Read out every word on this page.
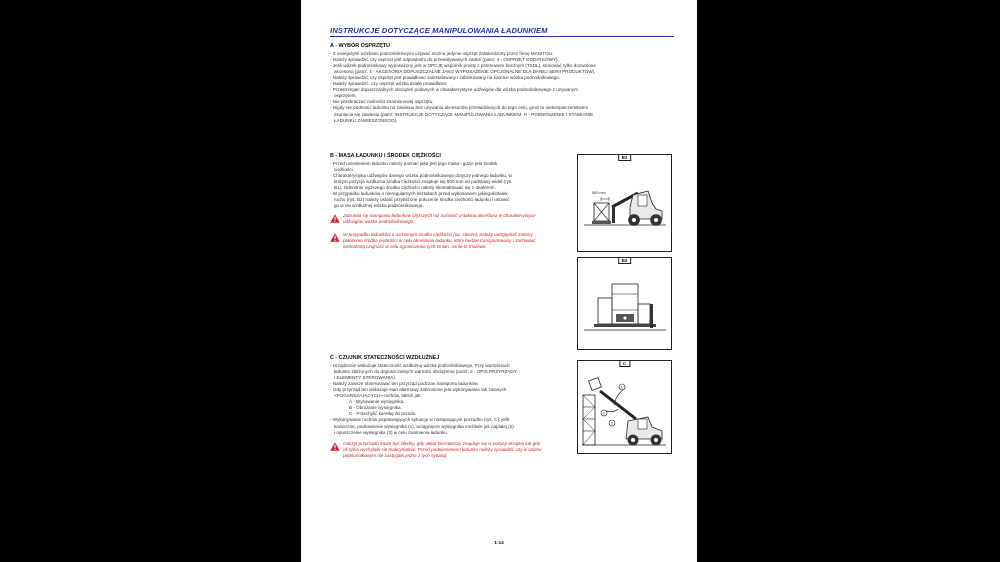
INSTRUKCJE DOTYCZĄCE MANIPULOWANIA ŁADUNKIEM
A - WYBÓR OSPRZĘTU
- Z niniejszymi wózkami podnośnikowymi używać można jedynie osprzęt zatwierdzony przez firmę MANITOU.
- Należy sprawdzić czy osprzęt jest odpowiedni do przewidywanych zadań (patrz: 4 - OSPRZĘT DODATKOWY).
- Jeśli wózek podnośnikowy wyposażony jest w OPCJĘ wspornik prosty z przesuwem bocznym (TSDL), stosować tylko dozwolone
akcesoria (patrz: 4 - AKCESORIA DOPUSZCZALNE JAKO WYPOSAŻENIE OPCJONALNE DLA DANEJ SERII PRODUKTÓW).
- Należy sprawdzić czy osprzęt jest prawidłowo zainstalowany i zablokowany na karetce wózka podnośnikowego.
- Należy sprawdzić, czy osprzęt wózka działa prawidłowo.
- Przestrzegać dopuszczalnych obciążeń podanych w charakterystyce udźwigów dla wózka podnośnikowego z używanym
osprzętem.
- Nie przekraczać nośności znamionowej osprzętu.
- Nigdy nie podnosić ładunku na zawiesiu bez używania akcesoriów przewidzianych do tego celu, grozi to niebezpieczeństwem
zsunięcia się zawiesia (patrz: INSTRUKCJE DOTYCZĄCE MANIPULOWANIA ŁADUNKIEM: H - PODNOSZENIE I STAWIANIE
ŁADUNKU ZAWIESZONEGO).
B - MASA ŁADUNKU I ŚRODEK CIĘŻKOŚCI
- Przed uniesieniem ładunku należy poznać jaka jest jego masa i gdzie jest środek
ciężkości.
- Charakterystyka udźwigów danego wózka podnośnikowego dotyczy jednego ładunku, w
którym pozycja wzdłużna środka ciężkości znajduje się 500 mm od podstawy wideł (rys.
B1). Odnośnie wyższego środka ciężkości należy skontaktować się z dealerem.
- W przypadku ładunków o nieregularnych kształtach przed wykonaniem jakiegokolwiek
ruchu (rys. B2) należy ustalić przybliżone położenie środka ciężkości ładunku i ustawić
go w osi wzdłużnej wózka podnośnikowego.
Zabrania się transportu ładunków cięższych niż nośność ustalona określona w charakterystyce
udźwigów wózka podnośnikowego.
W przypadku ładunków o ruchomym środku ciężkości (np. ciecze), należy uwzględnić zmiany
położenia środka ciężkości w celu określenia ładunku, który będzie transportowany i zachować
wzmożoną czujność w celu ograniczenia tych zmian, na ile to możliwe.
C - CZUJNIK STATECZNOŚCI WZDŁUŻNEJ
- Urządzenie wskazuje stateczność wzdłużną wózka podnośnikowego. Przy wartościach
ładunku zbliżonych do dopuszczalnych wartości obciążenia (patrz: 2 - OPIS PRZYRZĄDY
I ELEMENTY STEROWANIA).
- Należy zawsze obserwować ten przyrząd podczas transportu ładunków.
- Gdy przyrząd ten wskazuje stan alarmowy zabronione jest wykonywanie tak zwanych
«POGARSZAJĄCYCH» ruchów, takich jak:
A - Wysuwanie wysięgnika.
B - Obniżanie wysięgnika.
C - Przechylić karetkę do przodu.
- Wykonywanie ruchów poprawiających sytuację w następującym porządku (rys. C): jeśli
konieczne, podniesienie wysięgnika (1), wciągnięcie wysięgnika możliwie jak najdalej (2)
i opuszczenie wysięgnika (3) w celu zwolnienia ładunku.
Odczyt przyrządu może być błędny, gdy układ kierowniczy znajduje się w pozycji skrajnej lub gdy
oś tylna wychylała się maksymalnie. Przed podniesieniem ładunku należy sprawdzić czy w wózku
podnośnikowym nie zastygała jedna z tych sytuacji.
B1
500 mm
B2
C
1
2
3
1-14
